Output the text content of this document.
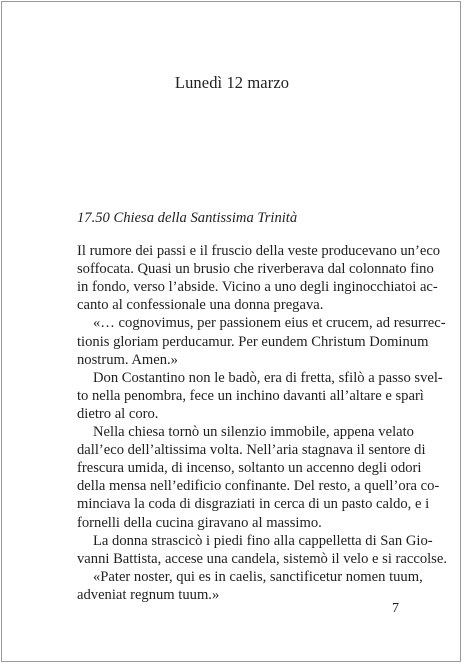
Lunedì 12 marzo
17.50 Chiesa della Santissima Trinità
Il rumore dei passi e il fruscio della veste producevano un’eco
soffocata. Quasi un brusio che riverberava dal colonnato fino
in fondo, verso l’abside. Vicino a uno degli inginocchiatoi ac-
canto al confessionale una donna pregava.
«… cognovimus, per passionem eius et crucem, ad resurrec-
tionis gloriam perducamur. Per eundem Christum Dominum
nostrum. Amen.»
Don Costantino non le badò, era di fretta, sfilò a passo svel-
to nella penombra, fece un inchino davanti all’altare e sparì
dietro al coro.
Nella chiesa tornò un silenzio immobile, appena velato
dall’eco dell’altissima volta. Nell’aria stagnava il sentore di
frescura umida, di incenso, soltanto un accenno degli odori
della mensa nell’edificio confinante. Del resto, a quell’ora co-
minciava la coda di disgraziati in cerca di un pasto caldo, e i
fornelli della cucina giravano al massimo.
La donna strascicò i piedi fino alla cappelletta di San Gio-
vanni Battista, accese una candela, sistemò il velo e si raccolse.
«Pater noster, qui es in caelis, sanctificetur nomen tuum,
adveniat regnum tuum.»
7
